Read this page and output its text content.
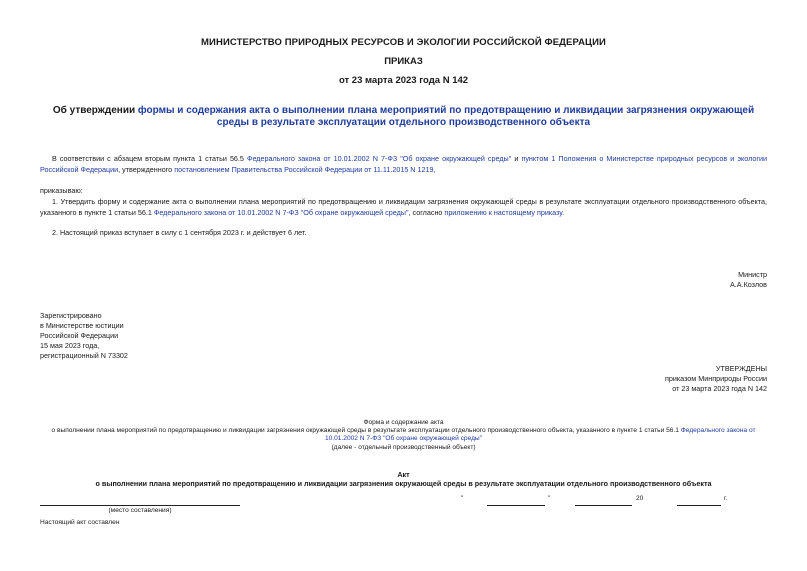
МИНИСТЕРСТВО ПРИРОДНЫХ РЕСУРСОВ И ЭКОЛОГИИ РОССИЙСКОЙ ФЕДЕРАЦИИ
ПРИКАЗ
от 23 марта 2023 года N 142
Об утверждении формы и содержания акта о выполнении плана мероприятий по предотвращению и ликвидации загрязнения окружающей среды в результате эксплуатации отдельного производственного объекта
В соответствии с абзацем вторым пункта 1 статьи 56.5 Федерального закона от 10.01.2002 N 7-ФЗ "Об охране окружающей среды" и пунктом 1 Положения о Министерстве природных ресурсов и экологии Российской Федерации, утвержденного постановлением Правительства Российской Федерации от 11.11.2015 N 1219,
приказываю:
1. Утвердить форму и содержание акта о выполнении плана мероприятий по предотвращению и ликвидации загрязнения окружающей среды в результате эксплуатации отдельного производственного объекта, указанного в пункте 1 статьи 56.1 Федерального закона от 10.01.2002 N 7-ФЗ "Об охране окружающей среды", согласно приложению к настоящему приказу.
2. Настоящий приказ вступает в силу с 1 сентября 2023 г. и действует 6 лет.
Министр
А.А.Козлов
Зарегистрировано
в Министерстве юстиции
Российской Федерации
15 мая 2023 года,
регистрационный N 73302
УТВЕРЖДЕНЫ
приказом Минприроды России
от 23 марта 2023 года N 142
Форма и содержание акта
о выполнении плана мероприятий по предотвращению и ликвидации загрязнения окружающей среды в результате эксплуатации отдельного производственного объекта, указанного в пункте 1 статьи 56.1 Федерального закона от
10.01.2002 N 7-ФЗ "Об охране окружающей среды"
(далее - отдельный производственный объект)
Акт
о выполнении плана мероприятий по предотвращению и ликвидации загрязнения окружающей среды в результате эксплуатации отдельного производственного объекта
"	"	20	г.
(место составления)
Настоящий акт составлен
